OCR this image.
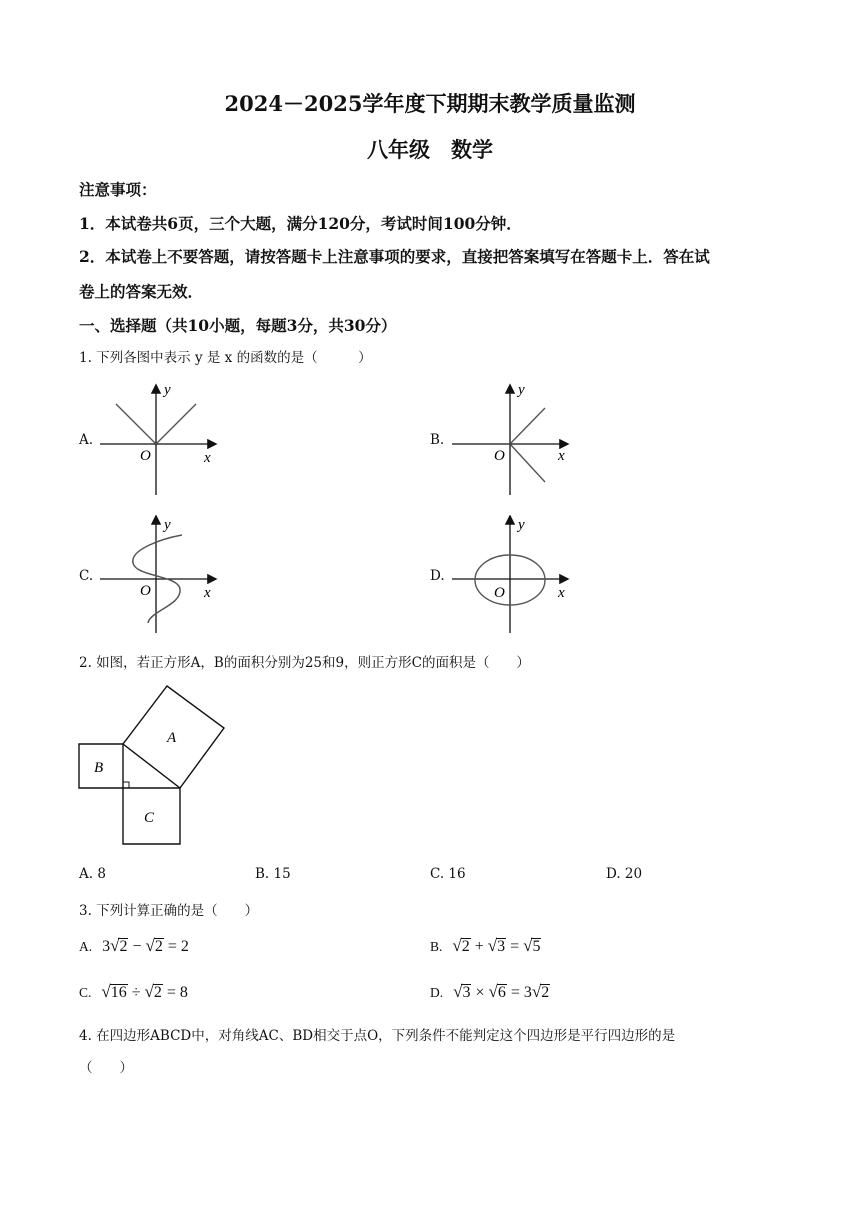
2024－2025学年度下期期末教学质量监测
八年级　数学
注意事项：
1．本试卷共6页，三个大题，满分120分，考试时间100分钟．
2．本试卷上不要答题，请按答题卡上注意事项的要求，直接把答案填写在答题卡上．答在试
卷上的答案无效．
一、选择题（共10小题，每题3分，共30分）
1. 下列各图中表示 y 是 x 的函数的是（　　　）
A.
y
x
O
B.
y
x
O
C.
y
x
O
D.
y
x
O
2. 如图，若正方形A，B的面积分别为25和9，则正方形C的面积是（　　）
A
B
C
A. 8	B. 15	C. 16	D. 20
3. 下列计算正确的是（　　）
A. 3√2 − √2 = 2	B. √2 + √3 = √5
C. √16 ÷ √2 = 8	D. √3 × √6 = 3√2
4. 在四边形ABCD中，对角线AC、BD相交于点O，下列条件不能判定这个四边形是平行四边形的是
（　　）
